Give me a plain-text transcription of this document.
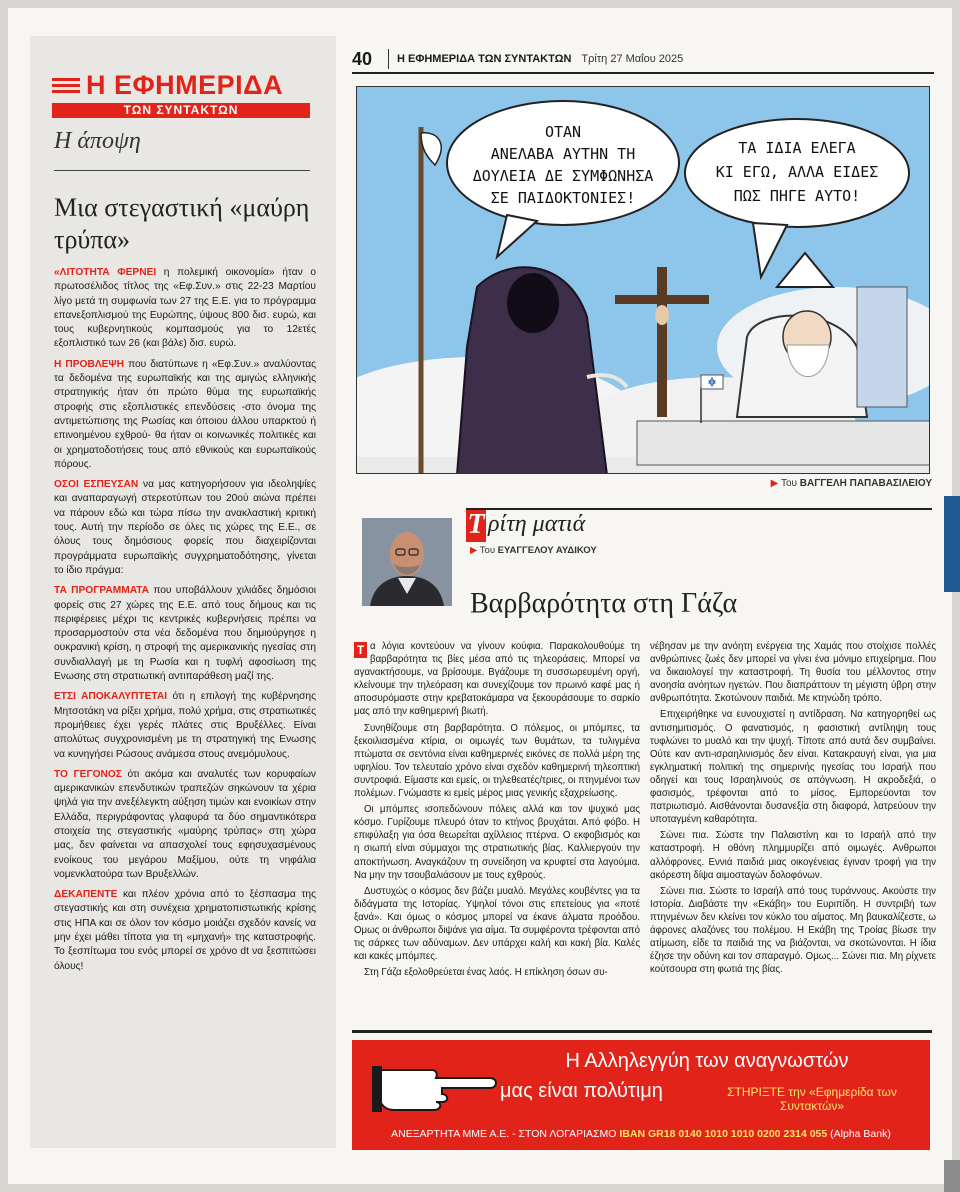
Η ΕΦΗΜΕΡΙΔΑ
ΤΩΝ ΣΥΝΤΑΚΤΩΝ
Η άποψη
Μια στεγαστική «μαύρη τρύπα»

«ΛΙΤΟΤΗΤΑ ΦΕΡΝΕΙ η πολεμική οικονομία» ήταν ο πρωτοσέλιδος τίτλος της «Εφ.Συν.» στις 22-23 Μαρτίου λίγο μετά τη συμφωνία των 27 της Ε.Ε. για το πρόγραμμα επανεξοπλισμού της Ευρώπης, ύψους 800 δισ. ευρώ, και τους κυβερνητικούς κομπασμούς για το 12ετές εξοπλιστικό των 26 (και βάλε) δισ. ευρώ.

Η ΠΡΟΒΛΕΨΗ που διατύπωνε η «Εφ.Συν.» αναλύοντας τα δεδομένα της ευρωπαϊκής και της αμιγώς ελληνικής στρατηγικής ήταν ότι πρώτο θύμα της ευρωπαϊκής στροφής στις εξοπλιστικές επενδύσεις -στο όνομα της αντιμετώπισης της Ρωσίας και όποιου άλλου υπαρκτού ή επινοημένου εχθρού- θα ήταν οι κοινωνικές πολιτικές και οι χρηματοδοτήσεις τους από εθνικούς και ευρωπαϊκούς πόρους.

ΟΣΟΙ ΕΣΠΕΥΣΑΝ να μας κατηγορήσουν για ιδεοληψίες και αναπαραγωγή στερεοτύπων του 20ού αιώνα πρέπει να πάρουν εδώ και τώρα πίσω την ανακλαστική κριτική τους. Αυτή την περίοδο σε όλες τις χώρες της Ε.Ε., σε όλους τους δημόσιους φορείς που διαχειρίζονται προγράμματα ευρωπαϊκής συγχρηματοδότησης, γίνεται το ίδιο πράγμα:

ΤΑ ΠΡΟΓΡΑΜΜΑΤΑ που υποβάλλουν χιλιάδες δημόσιοι φορείς στις 27 χώρες της Ε.Ε. από τους δήμους και τις περιφέρειες μέχρι τις κεντρικές κυβερνήσεις πρέπει να προσαρμοστούν στα νέα δεδομένα που δημιούργησε η ουκρανική κρίση, η στροφή της αμερικανικής ηγεσίας στη συνδιαλλαγή με τη Ρωσία και η τυφλή αφοσίωση της Ενωσης στη στρατιωτική αντιπαράθεση μαζί της.

ΕΤΣΙ ΑΠΟΚΑΛΥΠΤΕΤΑΙ ότι η επιλογή της κυβέρνησης Μητσοτάκη να ρίξει χρήμα, πολύ χρήμα, στις στρατιωτικές προμήθειες έχει γερές πλάτες στις Βρυξέλλες. Είναι απολύτως συγχρονισμένη με τη στρατηγική της Ενωσης να κυνηγήσει Ρώσους ανάμεσα στους ανεμόμυλους.

ΤΟ ΓΕΓΟΝΟΣ ότι ακόμα και αναλυτές των κορυφαίων αμερικανικών επενδυτικών τραπεζών σηκώνουν τα χέρια ψηλά για την ανεξέλεγκτη αύξηση τιμών και ενοικίων στην Ελλάδα, περιγράφοντας γλαφυρά τα δύο σημαντικότερα στοιχεία της στεγαστικής «μαύρης τρύπας» στη χώρα μας, δεν φαίνεται να απασχολεί τους εφησυχασμένους ενοίκους του μεγάρου Μαξίμου, ούτε τη νηφάλια νομενκλατούρα των Βρυξελλών.

ΔΕΚΑΠΕΝΤΕ και πλέον χρόνια από το ξέσπασμα της στεγαστικής και στη συνέχεια χρηματοπιστωτικής κρίσης στις ΗΠΑ και σε όλον τον κόσμο μοιάζει σχεδόν κανείς να μην έχει μάθει τίποτα για τη «μηχανή» της καταστροφής. Το ξεσπίτωμα του ενός μπορεί σε χρόνο dt να ξεσπιτώσει όλους!

40	Η ΕΦΗΜΕΡΙΔΑ ΤΩΝ ΣΥΝΤΑΚΤΩΝ Τρίτη 27 Μαΐου 2025
ΟΤΑΝ
ΑΝΕΛΑΒΑ ΑΥΤΗΝ ΤΗ
ΔΟΥΛΕΙΑ ΔΕ ΣΥΜΦΩΝΗΣΑ
ΣΕ ΠΑΙΔΟΚΤΟΝΙΕΣ!
ΤΑ ΙΔΙΑ ΕΛΕΓΑ
ΚΙ ΕΓΩ, ΑΛΛΑ ΕΙΔΕΣ
ΠΩΣ ΠΗΓΕ ΑΥΤΟ!
▶ Του ΒΑΓΓΕΛΗ ΠΑΠΑΒΑΣΙΛΕΙΟΥ
Τ ρίτη ματιά
▶ Του ΕΥΑΓΓΕΛΟΥ ΑΥΔΙΚΟΥ
Βαρβαρότητα στη Γάζα

Τ α λόγια κοντεύουν να γίνουν κούφια. Παρακολουθούμε τη βαρβαρότητα τις βίες μέσα από τις τηλεοράσεις. Μπορεί να αγανακτήσουμε, να βρίσουμε. Βγάζουμε τη συσσωρευμένη οργή, κλείνουμε την τηλεόραση και συνεχίζουμε τον πρωινό καφέ μας ή αποσυρόμαστε στην κρεβατοκάμαρα να ξεκουράσουμε το σαρκίο μας από την καθημερινή βιωτή.

Συνηθίζουμε στη βαρβαρότητα. Ο πόλεμος, οι μπόμπες, τα ξεκοιλιασμένα κτίρια, οι οιμωγές των θυμάτων, τα τυλιγμένα πτώματα σε σεντόνια είναι καθημερινές εικόνες σε πολλά μέρη της υφηλίου. Τον τελευταίο χρόνο είναι σχεδόν καθημερινή τηλεοπτική συντροφιά. Είμαστε και εμείς, οι τηλεθεατές/τριες, οι πτηνμένοι των πολέμων. Γνώμαστε κι εμείς μέρος μιας γενικής εξαχρείωσης.

Οι μπόμπες ισοπεδώνουν πόλεις αλλά και τον ψυχικό μας κόσμο. Γυρίζουμε πλευρό όταν το κτήνος βρυχάται. Από φόβο. Η επιφύλαξη για όσα θεωρείται αχίλλειος πτέρνα. Ο εκφοβισμός και η σιωπή είναι σύμμαχοι της στρατιωτικής βίας. Καλλιεργούν την αποκτήνωση. Αναγκάζουν τη συνείδηση να κρυφτεί στα λαγούμια. Να μην την τσουβαλιάσουν με τους εχθρούς.

Δυστυχώς ο κόσμος δεν βάζει μυαλό. Μεγάλες κουβέντες για τα διδάγματα της Ιστορίας. Υψηλοί τόνοι στις επετείους για «ποτέ ξανά». Και όμως ο κόσμος μπορεί να έκανε άλματα προόδου. Ομως οι άνθρωποι διψάνε για αίμα. Τα συμφέροντα τρέφονται από τις σάρκες των αδύναμων. Δεν υπάρχει καλή και κακή βία. Καλές και κακές μπόμπες.

Στη Γάζα εξολοθρεύεται ένας λαός. Η επίκληση όσων συ-

νέβησαν με την ανόητη ενέργεια της Χαμάς που στοίχισε πολλές ανθρώπινες ζωές δεν μπορεί να γίνει ένα μόνιμο επιχείρημα. Που να δικαιολογεί την καταστροφή. Τη θυσία του μέλλοντος στην ανοησία ανόητων ηγετών. Που διαπράττουν τη μέγιστη ύβρη στην ανθρωπότητα. Σκοτώνουν παιδιά. Με κτηνώδη τρόπο.

Επιχειρήθηκε να ευνουχιστεί η αντίδραση. Να κατηγορηθεί ως αντισημιτισμός. Ο φανατισμός, η φασιστική αντίληψη τους τυφλώνει το μυαλό και την ψυχή. Τίποτε από αυτά δεν συμβαίνει. Ούτε καν αντι-ισραηλινισμός δεν είναι. Κατακραυγή είναι, για μια εγκληματική πολιτική της σημερινής ηγεσίας του Ισραήλ που οδηγεί και τους Ισραηλινούς σε απόγνωση. Η ακροδεξιά, ο φασισμός, τρέφονται από το μίσος. Εμπορεύονται τον πατριωτισμό. Αισθάνονται δυσανεξία στη διαφορά, λατρεύουν την υποταγμένη καθαρότητα.

Σώνει πια. Σώστε την Παλαιστίνη και το Ισραήλ από την καταστροφή. Η οθόνη πλημμυρίζει από οιμωγές. Ανθρωποι αλλόφρονες. Εννιά παιδιά μιας οικογένειας έγιναν τροφή για την ακόρεστη δίψα αιμοσταγών δολοφόνων.

Σώνει πια. Σώστε το Ισραήλ από τους τυράννους. Ακούστε την Ιστορία. Διαβάστε την «Εκάβη» του Ευριπίδη. Η συντριβή των πτηνμένων δεν κλείνει τον κύκλο του αίματος. Μη βαυκαλίζεστε, ω άφρονες αλαζόνες του πολέμου. Η Εκάβη της Τροίας βίωσε την ατίμωση, είδε τα παιδιά της να βιάζονται, να σκοτώνονται. Η ίδια έζησε την οδύνη και τον σπαραγμό. Ομως... Σώνει πια. Μη ρίχνετε κούτσουρα στη φωτιά της βίας.

Η Αλληλεγγύη των αναγνωστών
μας είναι πολύτιμη	ΣΤΗΡΙΞΤΕ την «Εφημερίδα των Συντακτών»
ΑΝΕΞΑΡΤΗΤΑ ΜΜΕ Α.Ε. - ΣΤΟΝ ΛΟΓΑΡΙΑΣΜΟ IBAN GR18 0140 1010 1010 0200 2314 055 (Alpha Bank)
